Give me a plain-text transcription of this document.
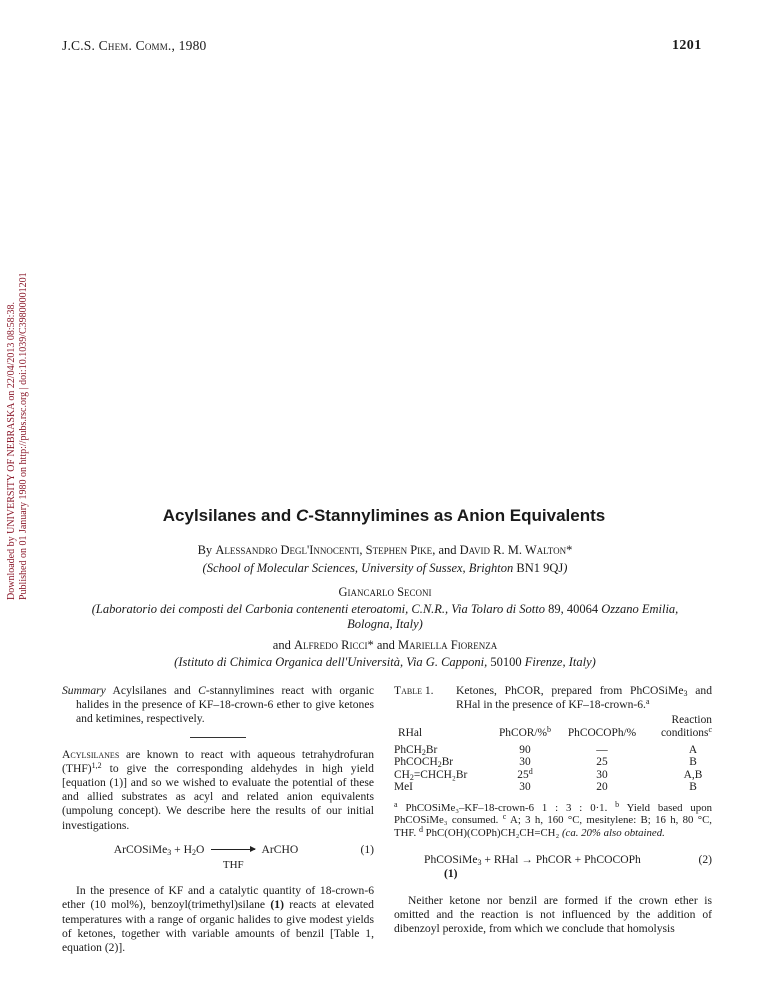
J.C.S. Chem. Comm., 1980	1201
Downloaded by UNIVERSITY OF NEBRASKA on 22/04/2013 08:58:38. Published on 01 January 1980 on http://pubs.rsc.org | doi:10.1039/C39800001201	Acylsilanes and C-Stannylimines as Anion Equivalents
By Alessandro Degl'Innocenti, Stephen Pike, and David R. M. Walton*
(School of Molecular Sciences, University of Sussex, Brighton BN1 9QJ)
Giancarlo Seconi
(Laboratorio dei composti del Carbonia contenenti eteroatomi, C.N.R., Via Tolaro di Sotto 89, 40064 Ozzano Emilia,
Bologna, Italy)
and Alfredo Ricci* and Mariella Fiorenza
(Istituto di Chimica Organica dell'Università, Via G. Capponi, 50100 Firenze, Italy)

Summary Acylsilanes and C-stannylimines react with organic halides in the presence of KF–18-crown-6 ether to give ketones and ketimines, respectively.

Acylsilanes are known to react with aqueous tetrahydrofuran (THF)$^{1,2}$ to give the corresponding aldehydes in high yield [equation (1)] and so we wished to evaluate the potential of these and allied substrates as acyl and related anion equivalents (umpolung concept). We describe here the results of our initial investigations.

ArCOSiMe$_3$ + $H_2O$
THF
ArCHO	(1)

In the presence of KF and a catalytic quantity of 18-crown-6 ether (10 mol%), benzoyl(trimethyl)silane (1) reacts at elevated temperatures with a range of organic halides to give modest yields of ketones, together with variable amounts of benzil [Table 1, equation (2)].

Table 1.	Ketones, PhCOR, prepared from PhCOSiMe$_3$ and RHal in the presence of KF–18-crown-6.$^a$

RHal	PhCOR/%$^b$	PhCOCOPh/%	Reaction
conditions$^c$

PhCH$_2$Br	90	—	A
PhCOCH$_2$Br	30	25	B
$CH_2=CHCH_2Br$	25$^d$	30	A,B
MeI	30	20	B
$^a$ PhCOSiMe₃–KF–18-crown-6 1 : 3 : 0·1. $^b$ Yield based upon PhCOSiMe₃ consumed. $^c$ A; 3 h, 160 °C, mesitylene: B; 16 h, 80 °C, THF. $^d$ PhC(OH)(COPh)CH₂CH=CH₂ (ca. 20% also obtained.
PhCOSiMe$_3$ + RHal → PhCOR + PhCOCOPh
(1)
(2)

Neither ketone nor benzil are formed if the crown ether is omitted and the reaction is not influenced by the addition of dibenzoyl peroxide, from which we conclude that homolysis
